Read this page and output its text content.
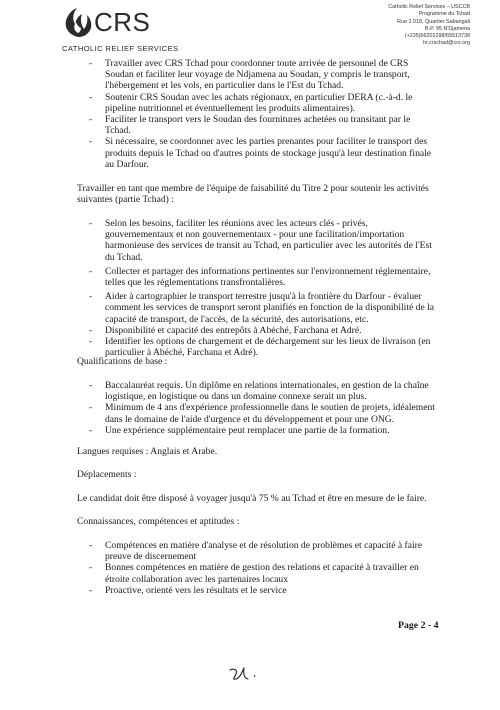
CRS
CATHOLIC RELIEF SERVICES
Catholic Relief Services – USCCB
Programme du Tchad
Rue 2.018, Quartier Sabangali
B.P. 95 N'Djamena
(+235)66201298/65513738
hr.crschad@crs.org
- Travailler avec CRS Tchad pour coordonner toute arrivée de personnel de CRS Soudan et faciliter leur voyage de Ndjamena au Soudan, y compris le transport, l'hébergement et les vols, en particulier dans le l'Est du Tchad.
- Soutenir CRS Soudan avec les achats régionaux, en particulier DERA (c.-à-d. le pipeline nutritionnel et éventuellement les produits alimentaires).
- Faciliter le transport vers le Soudan des fournitures achetées ou transitant par le Tchad.
- Si nécessaire, se coordonner avec les parties prenantes pour faciliter le transport des produits depuis le Tchad ou d'autres points de stockage jusqu'à leur destination finale au Darfour.

Travailler en tant que membre de l'équipe de faisabilité du Titre 2 pour soutenir les activités suivantes (partie Tchad) :

- Selon les besoins, faciliter les réunions avec les acteurs clés - privés, gouvernementaux et non gouvernementaux - pour une facilitation/importation harmonieuse des services de transit au Tchad, en particulier avec les autorités de l'Est du Tchad.
- Collecter et partager des informations pertinentes sur l'environnement réglementaire, telles que les réglementations transfrontalières.
- Aider à cartographier le transport terrestre jusqu'à la frontière du Darfour - évaluer comment les services de transport seront planifiés en fonction de la disponibilité de la capacité de transport, de l'accès, de la sécurité, des autorisations, etc.
- Disponibilité et capacité des entrepôts à Abéché, Farchana et Adré.
- Identifier les options de chargement et de déchargement sur les lieux de livraison (en particulier à Abéché, Farchana et Adré).

Qualifications de base :

- Baccalauréat requis. Un diplôme en relations internationales, en gestion de la chaîne logistique, en logistique ou dans un domaine connexe serait un plus.
- Minimum de 4 ans d'expérience professionnelle dans le soutien de projets, idéalement dans le domaine de l'aide d'urgence et du développement et pour une ONG.
- Une expérience supplémentaire peut remplacer une partie de la formation.

Langues requises : Anglais et Arabe.

Déplacements :

Le candidat doit être disposé à voyager jusqu'à 75 % au Tchad et être en mesure de le faire.

Connaissances, compétences et aptitudes :

- Compétences en matière d'analyse et de résolution de problèmes et capacité à faire preuve de discernement
- Bonnes compétences en matière de gestion des relations et capacité à travailler en étroite collaboration avec les partenaires locaux
- Proactive, orienté vers les résultats et le service
Page 2 - 4
